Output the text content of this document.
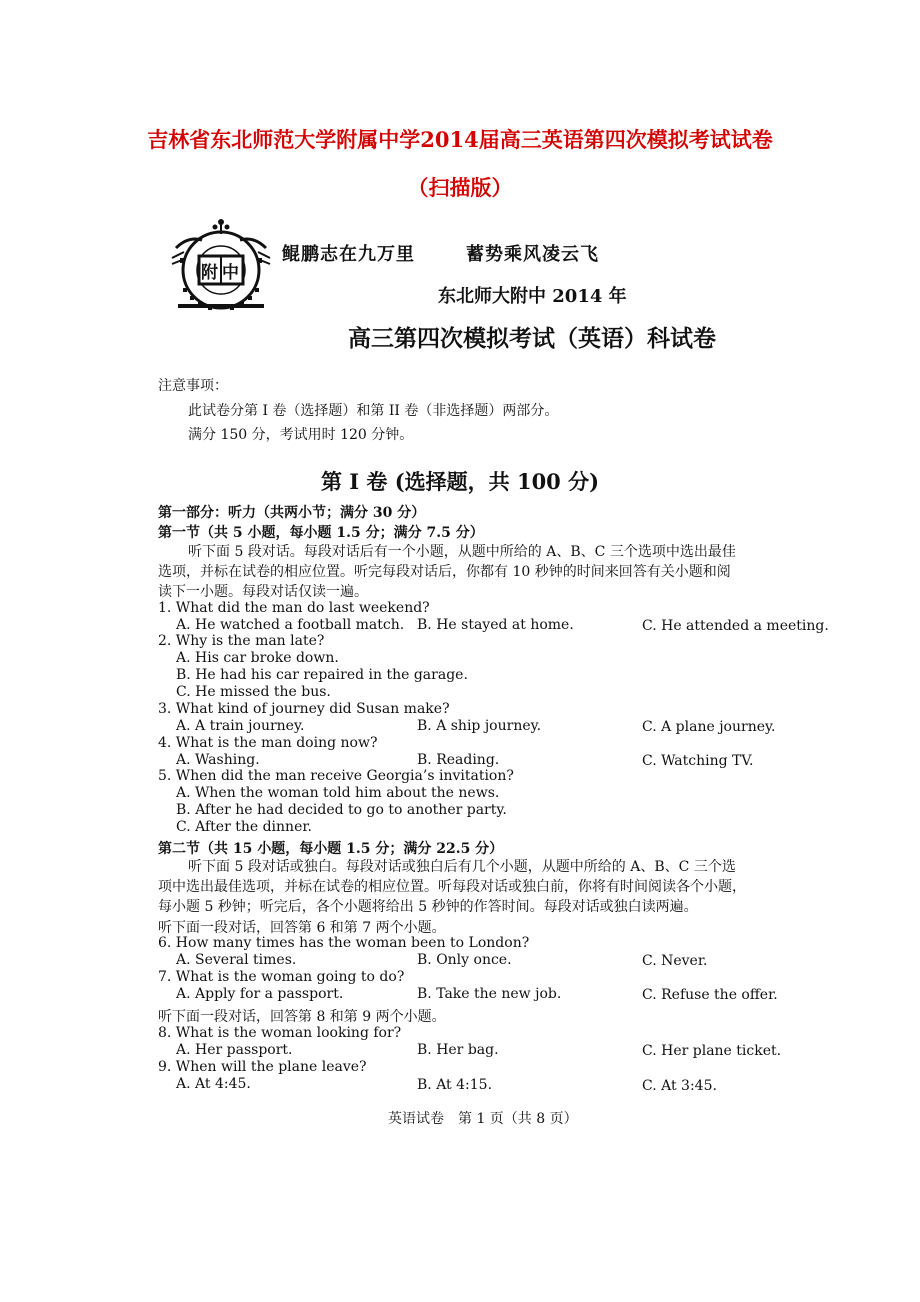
吉林省东北师范大学附属中学2014届高三英语第四次模拟考试试卷
（扫描版）
附中
鲲鹏志在九万里	蓄势乘风凌云飞
东北师大附中 2014 年
高三第四次模拟考试（英语）科试卷
注意事项：
此试卷分第 I 卷（选择题）和第 II 卷（非选择题）两部分。
满分 150 分，考试用时 120 分钟。
第 I 卷 (选择题，共 100 分)
第一部分：听力（共两小节；满分 30 分）
第一节（共 5 小题，每小题 1.5 分；满分 7.5 分）
听下面 5 段对话。每段对话后有一个小题，从题中所给的 A、B、C 三个选项中选出最佳
选项，并标在试卷的相应位置。听完每段对话后，你都有 10 秒钟的时间来回答有关小题和阅
读下一小题。每段对话仅读一遍。
1. What did the man do last weekend?
A. He watched a football match. B. He stayed at home.	C. He attended a meeting.
2. Why is the man late?
A. His car broke down.
B. He had his car repaired in the garage.
C. He missed the bus.
3. What kind of journey did Susan make?
A. A train journey.	B. A ship journey.	C. A plane journey.
4. What is the man doing now?
A. Washing.	B. Reading.	C. Watching TV.
5. When did the man receive Georgia’s invitation?
A. When the woman told him about the news.
B. After he had decided to go to another party.
C. After the dinner.
第二节（共 15 小题，每小题 1.5 分；满分 22.5 分）
听下面 5 段对话或独白。每段对话或独白后有几个小题，从题中所给的 A、B、C 三个选
项中选出最佳选项，并标在试卷的相应位置。听每段对话或独白前，你将有时间阅读各个小题，
每小题 5 秒钟；听完后，各个小题将给出 5 秒钟的作答时间。每段对话或独白读两遍。
听下面一段对话，回答第 6 和第 7 两个小题。
6. How many times has the woman been to London?
A. Several times.	B. Only once.	C. Never.
7. What is the woman going to do?
A. Apply for a passport.	B. Take the new job.	C. Refuse the offer.
听下面一段对话，回答第 8 和第 9 两个小题。
8. What is the woman looking for?
A. Her passport.	B. Her bag.	C. Her plane ticket.
9. When will the plane leave?
A. At 4:45.	B. At 4:15.	C. At 3:45.
英语试卷　第 1 页（共 8 页）
